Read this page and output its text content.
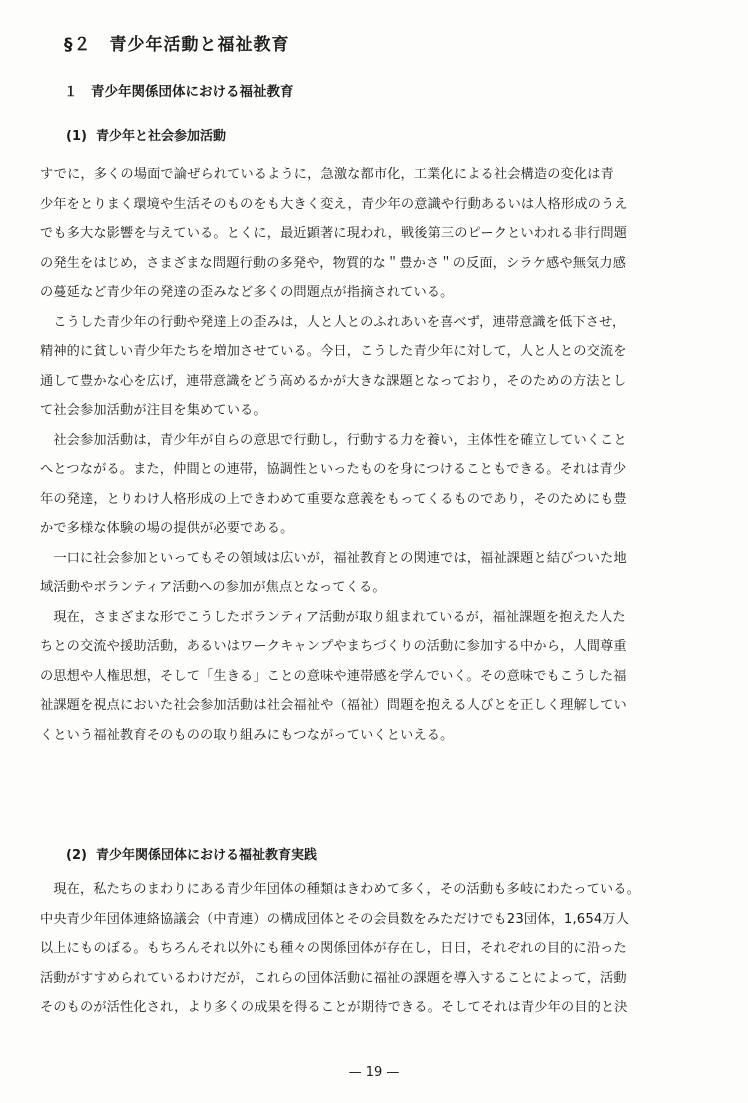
§２　青少年活動と福祉教育
１　青少年関係団体における福祉教育
(1) 青少年と社会参加活動
すでに，多くの場面で論ぜられているように，急激な都市化，工業化による社会構造の変化は青
少年をとりまく環境や生活そのものをも大きく変え，青少年の意識や行動あるいは人格形成のうえ
でも多大な影響を与えている。とくに，最近顕著に現われ，戦後第三のピークといわれる非行問題
の発生をはじめ，さまざまな問題行動の多発や，物質的な＂豊かさ＂の反面，シラケ感や無気力感
の蔓延など青少年の発達の歪みなど多くの問題点が指摘されている。
　こうした青少年の行動や発達上の歪みは，人と人とのふれあいを喜べず，連帯意識を低下させ，
精神的に貧しい青少年たちを増加させている。今日，こうした青少年に対して，人と人との交流を
通して豊かな心を広げ，連帯意識をどう高めるかが大きな課題となっており，そのための方法とし
て社会参加活動が注目を集めている。
　社会参加活動は，青少年が自らの意思で行動し，行動する力を養い，主体性を確立していくこと
へとつながる。また，仲間との連帯，協調性といったものを身につけることもできる。それは青少
年の発達，とりわけ人格形成の上できわめて重要な意義をもってくるものであり，そのためにも豊
かで多様な体験の場の提供が必要である。
　一口に社会参加といってもその領域は広いが，福祉教育との関連では，福祉課題と結びついた地
域活動やボランティア活動への参加が焦点となってくる。
　現在，さまざまな形でこうしたボランティア活動が取り組まれているが，福祉課題を抱えた人た
ちとの交流や援助活動，あるいはワークキャンプやまちづくりの活動に参加する中から，人間尊重
の思想や人権思想，そして「生きる」ことの意味や連帯感を学んでいく。その意味でもこうした福
祉課題を視点においた社会参加活動は社会福祉や（福祉）問題を抱える人びとを正しく理解してい
くという福祉教育そのものの取り組みにもつながっていくといえる。
(2) 青少年関係団体における福祉教育実践
　現在，私たちのまわりにある青少年団体の種類はきわめて多く，その活動も多岐にわたっている。
中央青少年団体連絡協議会（中青連）の構成団体とその会員数をみただけでも23団体，1,654万人
以上にものぼる。もちろんそれ以外にも種々の関係団体が存在し，日日，それぞれの目的に沿った
活動がすすめられているわけだが，これらの団体活動に福祉の課題を導入することによって，活動
そのものが活性化され，より多くの成果を得ることが期待できる。そしてそれは青少年の目的と決
— 19 —
